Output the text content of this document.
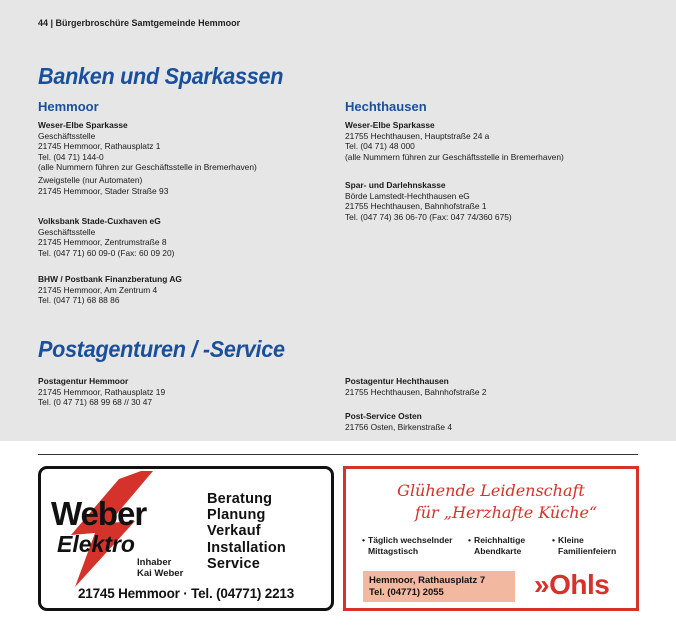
44 | Bürgerbroschüre Samtgemeinde Hemmoor
Banken und Sparkassen
Hemmoor	Hechthausen
Weser-Elbe Sparkasse
Geschäftsstelle
21745 Hemmoor, Rathausplatz 1
Tel. (04 71) 144-0
(alle Nummern führen zur Geschäftsstelle in Bremerhaven)
Zweigstelle (nur Automaten)
21745 Hemmoor, Stader Straße 93
Volksbank Stade-Cuxhaven eG
Geschäftsstelle
21745 Hemmoor, Zentrumstraße 8
Tel. (047 71) 60 09-0 (Fax: 60 09 20)
BHW / Postbank Finanzberatung AG
21745 Hemmoor, Am Zentrum 4
Tel. (047 71) 68 88 86
Weser-Elbe Sparkasse
21755 Hechthausen, Hauptstraße 24 a
Tel. (04 71) 48 000
(alle Nummern führen zur Geschäftsstelle in Bremerhaven)
Spar- und Darlehnskasse
Börde Lamstedt-Hechthausen eG
21755 Hechthausen, Bahnhofstraße 1
Tel. (047 74) 36 06-70 (Fax: 047 74/360 675)
Postagenturen / -Service
Postagentur Hemmoor
21745 Hemmoor, Rathausplatz 19
Tel. (0 47 71) 68 99 68 // 30 47
Postagentur Hechthausen
21755 Hechthausen, Bahnhofstraße 2
Post-Service Osten
21756 Osten, Birkenstraße 4
Weber
Elektro
Inhaber
Kai Weber
Beratung
Planung
Verkauf
Installation
Service
21745 Hemmoor · Tel. (04771) 2213
Glühende Leidenschaft
für „Herzhafte Küche“
• Täglich wechselnder
Mittagstisch
• Reichhaltige
Abendkarte
• Kleine
Familienfeiern
Hemmoor, Rathausplatz 7
Tel. (04771) 2055	»Ohls
